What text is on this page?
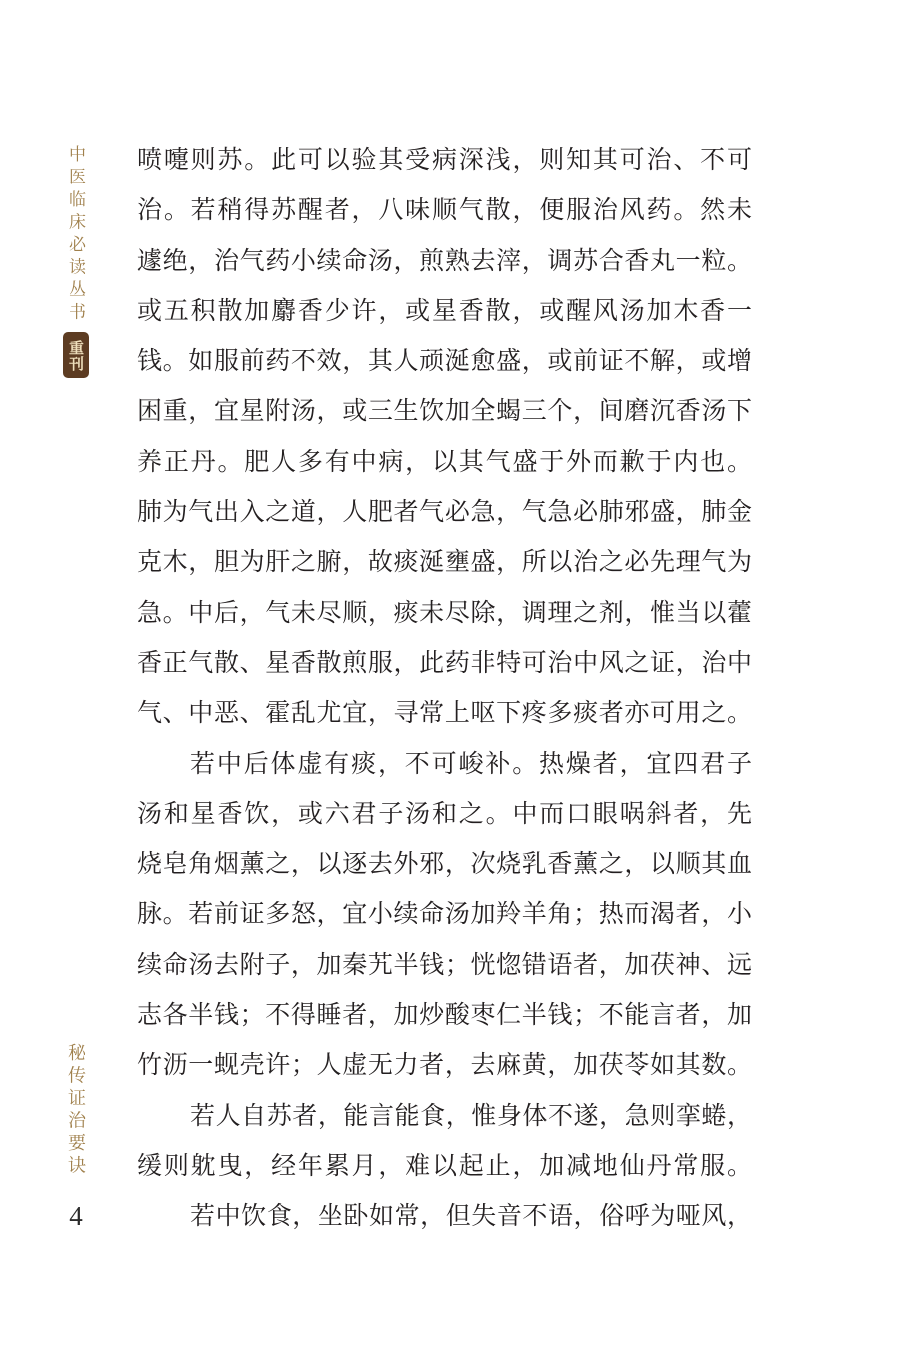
中医临床必读丛书
重刊
秘传证治要诀
4
喷嚏则苏。此可以验其受病深浅，则知其可治、不可
治。若稍得苏醒者，八味顺气散，便服治风药。然未
遽绝，治气药小续命汤，煎熟去滓，调苏合香丸一粒。
或五积散加麝香少许，或星香散，或醒风汤加木香一
钱。如服前药不效，其人顽涎愈盛，或前证不解，或增
困重，宜星附汤，或三生饮加全蝎三个，间磨沉香汤下
养正丹。肥人多有中病，以其气盛于外而歉于内也。
肺为气出入之道，人肥者气必急，气急必肺邪盛，肺金
克木，胆为肝之腑，故痰涎壅盛，所以治之必先理气为
急。中后，气未尽顺，痰未尽除，调理之剂，惟当以藿
香正气散、星香散煎服，此药非特可治中风之证，治中
气、中恶、霍乱尤宜，寻常上呕下疼多痰者亦可用之。
若中后体虚有痰，不可峻补。热燥者，宜四君子
汤和星香饮，或六君子汤和之。中而口眼㖞斜者，先
烧皂角烟薰之，以逐去外邪，次烧乳香薰之，以顺其血
脉。若前证多怒，宜小续命汤加羚羊角；热而渴者，小
续命汤去附子，加秦艽半钱；恍惚错语者，加茯神、远
志各半钱；不得睡者，加炒酸枣仁半钱；不能言者，加
竹沥一蚬壳许；人虚无力者，去麻黄，加茯苓如其数。
若人自苏者，能言能食，惟身体不遂，急则挛蜷，
缓则躭曳，经年累月，难以起止，加减地仙丹常服。
若中饮食，坐卧如常，但失音不语，俗呼为哑风，
